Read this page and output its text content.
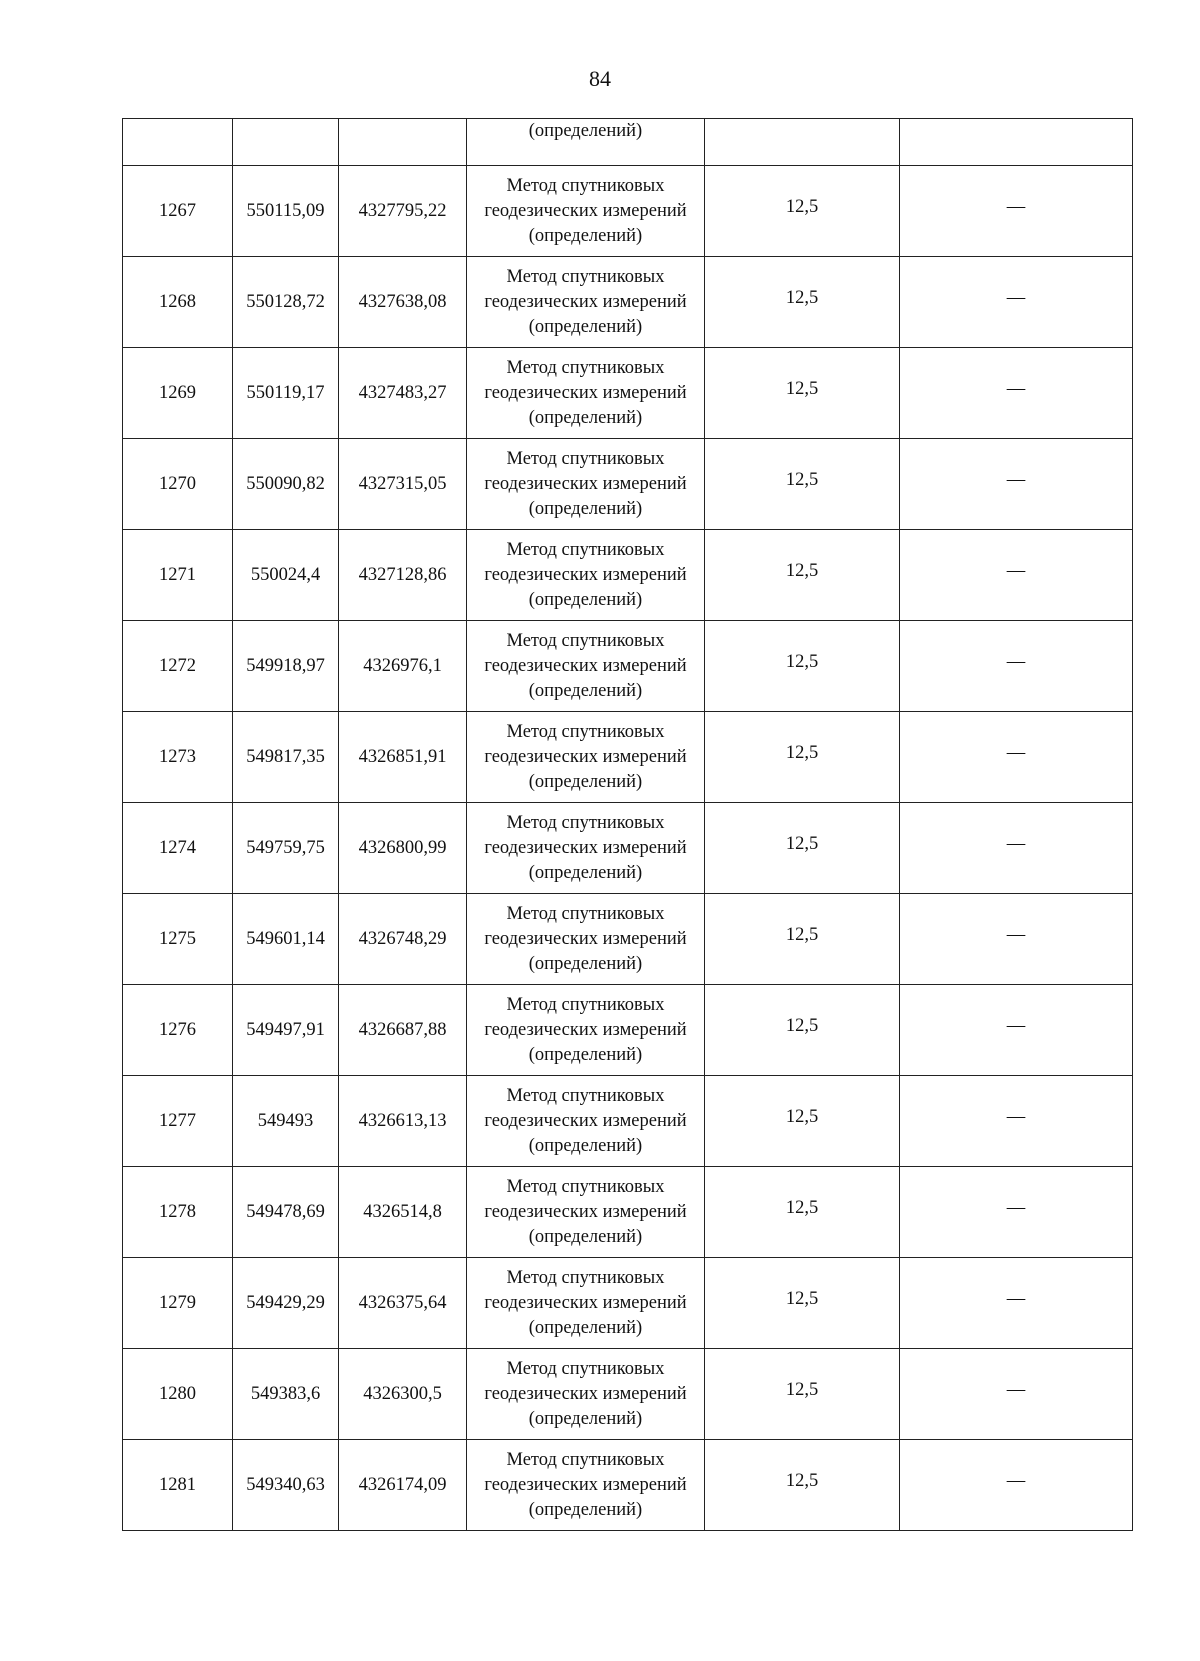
84

			(определений)		

1267	550115,09	4327795,22	Метод спутниковых
геодезических измерений
(определений)	12,5	—
1268	550128,72	4327638,08	Метод спутниковых
геодезических измерений
(определений)	12,5	—
1269	550119,17	4327483,27	Метод спутниковых
геодезических измерений
(определений)	12,5	—
1270	550090,82	4327315,05	Метод спутниковых
геодезических измерений
(определений)	12,5	—
1271	550024,4	4327128,86	Метод спутниковых
геодезических измерений
(определений)	12,5	—
1272	549918,97	4326976,1	Метод спутниковых
геодезических измерений
(определений)	12,5	—
1273	549817,35	4326851,91	Метод спутниковых
геодезических измерений
(определений)	12,5	—
1274	549759,75	4326800,99	Метод спутниковых
геодезических измерений
(определений)	12,5	—
1275	549601,14	4326748,29	Метод спутниковых
геодезических измерений
(определений)	12,5	—
1276	549497,91	4326687,88	Метод спутниковых
геодезических измерений
(определений)	12,5	—
1277	549493	4326613,13	Метод спутниковых
геодезических измерений
(определений)	12,5	—
1278	549478,69	4326514,8	Метод спутниковых
геодезических измерений
(определений)	12,5	—
1279	549429,29	4326375,64	Метод спутниковых
геодезических измерений
(определений)	12,5	—
1280	549383,6	4326300,5	Метод спутниковых
геодезических измерений
(определений)	12,5	—
1281	549340,63	4326174,09	Метод спутниковых
геодезических измерений
(определений)	12,5	—
